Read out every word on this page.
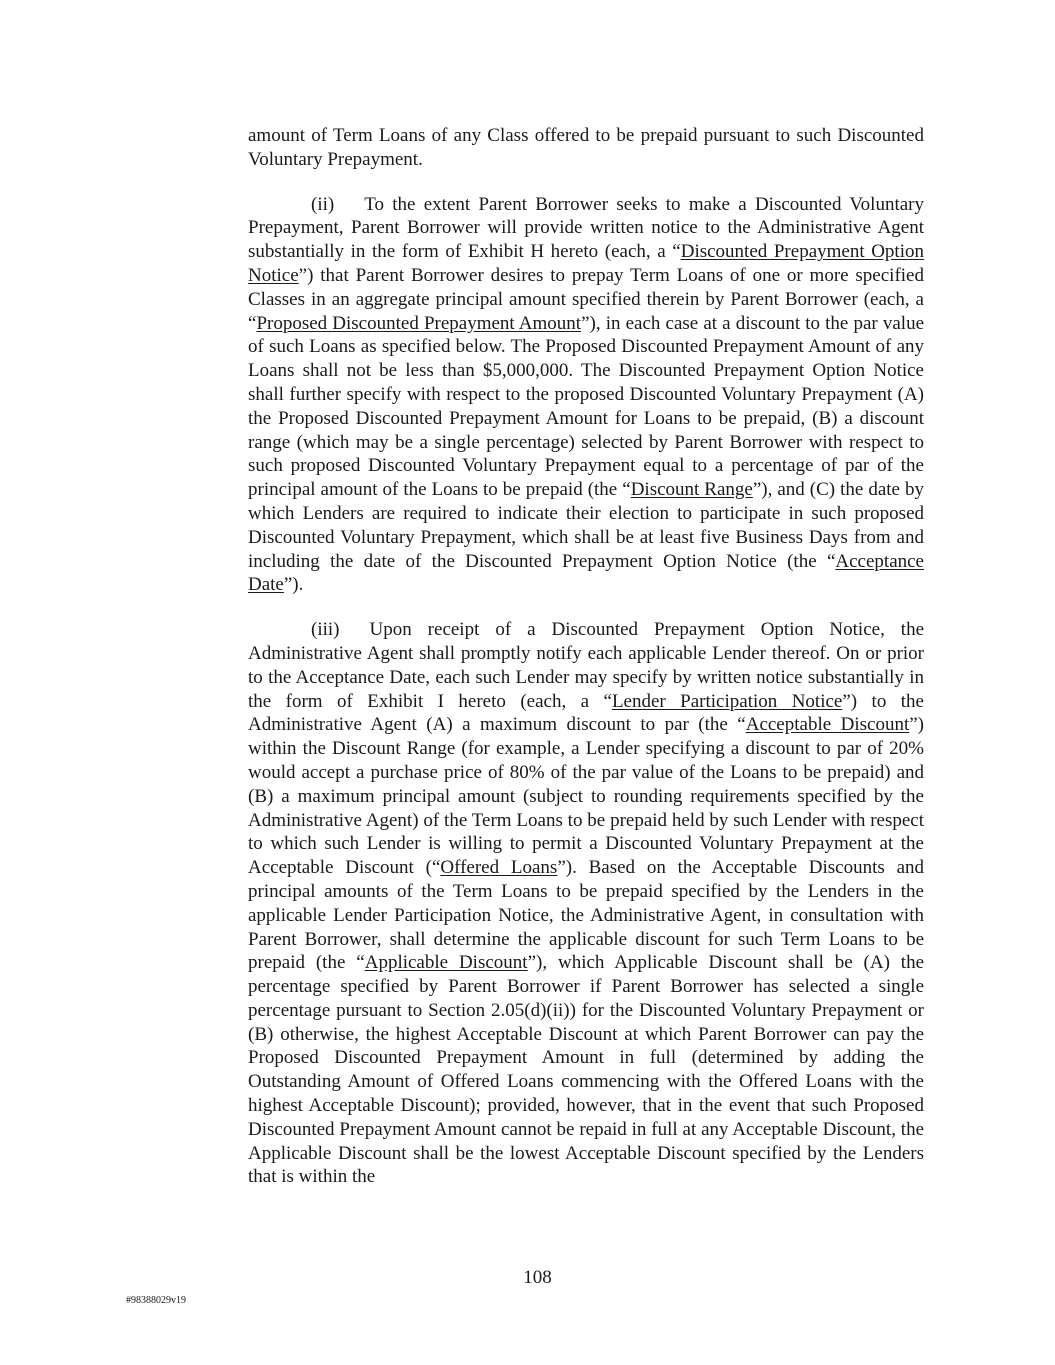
amount of Term Loans of any Class offered to be prepaid pursuant to such Discounted Voluntary Prepayment.

(ii) To the extent Parent Borrower seeks to make a Discounted Voluntary Prepayment, Parent Borrower will provide written notice to the Administrative Agent substantially in the form of Exhibit H hereto (each, a “Discounted Prepayment Option Notice”) that Parent Borrower desires to prepay Term Loans of one or more specified Classes in an aggregate principal amount specified therein by Parent Borrower (each, a “Proposed Discounted Prepayment Amount”), in each case at a discount to the par value of such Loans as specified below. The Proposed Discounted Prepayment Amount of any Loans shall not be less than $5,000,000. The Discounted Prepayment Option Notice shall further specify with respect to the proposed Discounted Voluntary Prepayment (A) the Proposed Discounted Prepayment Amount for Loans to be prepaid, (B) a discount range (which may be a single percentage) selected by Parent Borrower with respect to such proposed Discounted Voluntary Prepayment equal to a percentage of par of the principal amount of the Loans to be prepaid (the “Discount Range”), and (C) the date by which Lenders are required to indicate their election to participate in such proposed Discounted Voluntary Prepayment, which shall be at least five Business Days from and including the date of the Discounted Prepayment Option Notice (the “Acceptance Date”).

(iii) Upon receipt of a Discounted Prepayment Option Notice, the Administrative Agent shall promptly notify each applicable Lender thereof. On or prior to the Acceptance Date, each such Lender may specify by written notice substantially in the form of Exhibit I hereto (each, a “Lender Participation Notice”) to the Administrative Agent (A) a maximum discount to par (the “Acceptable Discount”) within the Discount Range (for example, a Lender specifying a discount to par of 20% would accept a purchase price of 80% of the par value of the Loans to be prepaid) and (B) a maximum principal amount (subject to rounding requirements specified by the Administrative Agent) of the Term Loans to be prepaid held by such Lender with respect to which such Lender is willing to permit a Discounted Voluntary Prepayment at the Acceptable Discount (“Offered Loans”). Based on the Acceptable Discounts and principal amounts of the Term Loans to be prepaid specified by the Lenders in the applicable Lender Participation Notice, the Administrative Agent, in consultation with Parent Borrower, shall determine the applicable discount for such Term Loans to be prepaid (the “Applicable Discount”), which Applicable Discount shall be (A) the percentage specified by Parent Borrower if Parent Borrower has selected a single percentage pursuant to Section 2.05(d)(ii)) for the Discounted Voluntary Prepayment or (B) otherwise, the highest Acceptable Discount at which Parent Borrower can pay the Proposed Discounted Prepayment Amount in full (determined by adding the Outstanding Amount of Offered Loans commencing with the Offered Loans with the highest Acceptable Discount); provided, however, that in the event that such Proposed Discounted Prepayment Amount cannot be repaid in full at any Acceptable Discount, the Applicable Discount shall be the lowest Acceptable Discount specified by the Lenders that is within the

108
#98388029v19
